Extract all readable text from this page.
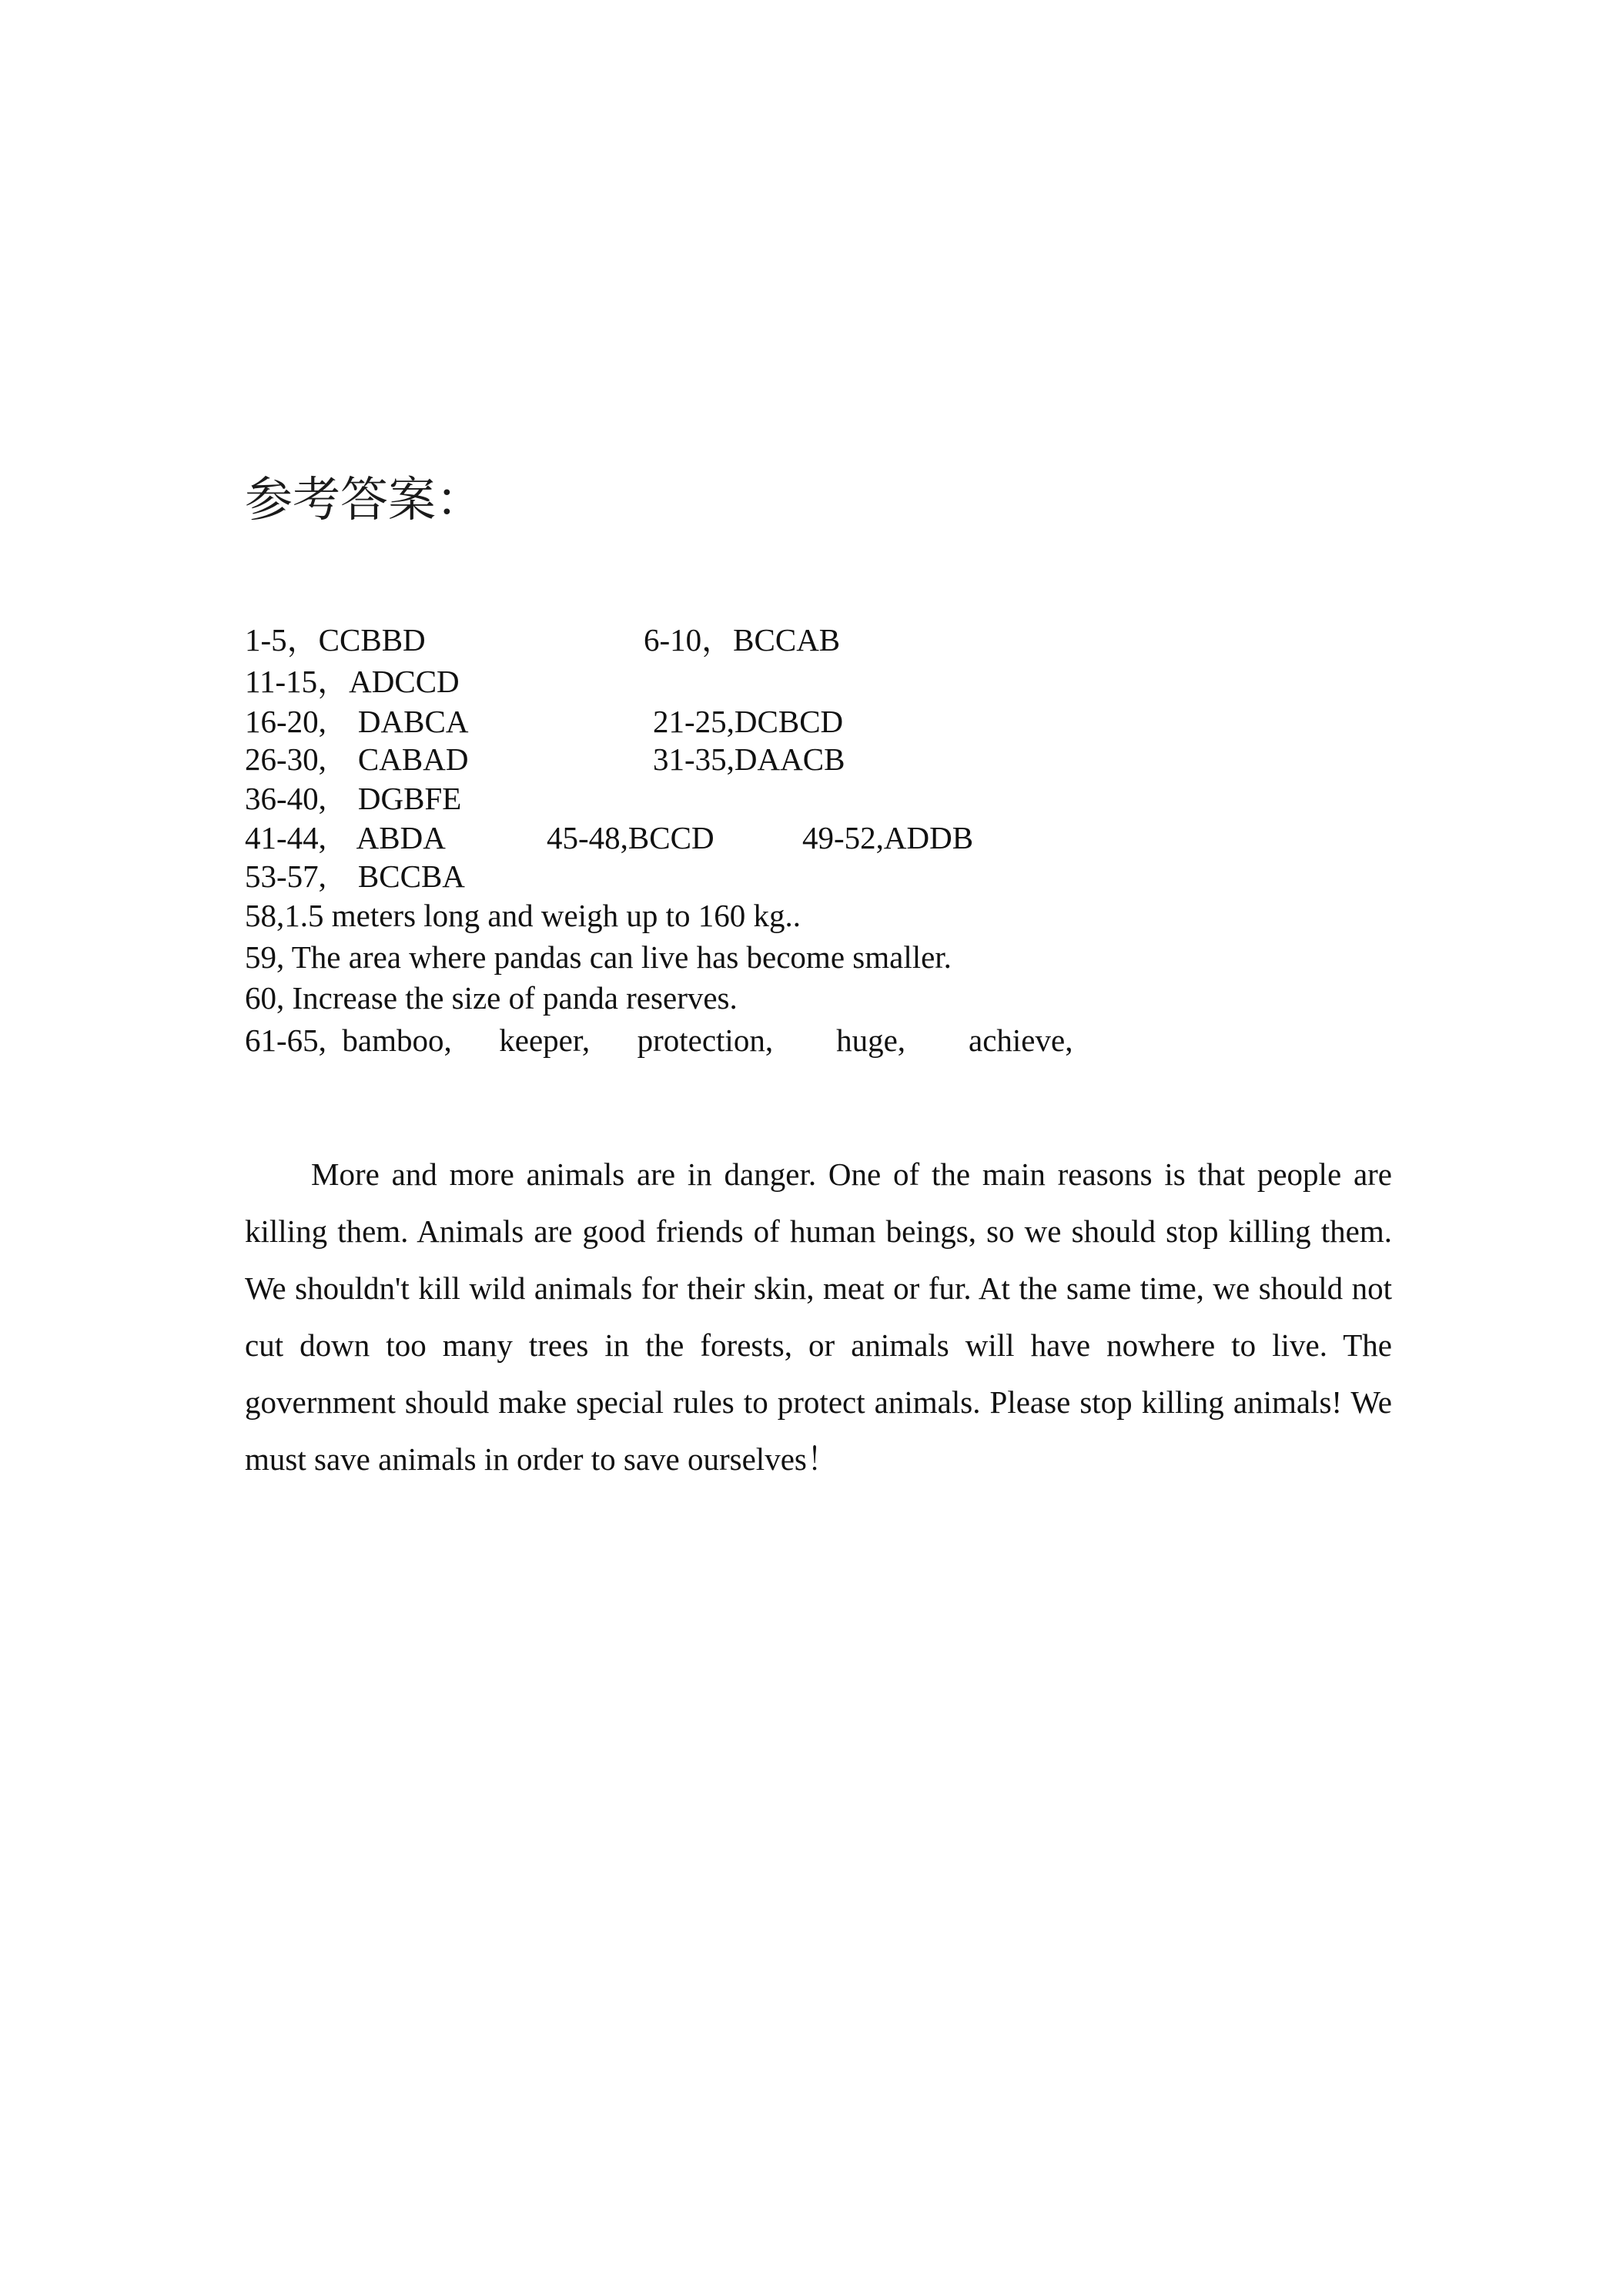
参考答案：
1-5，CCBBD	6-10，BCCAB
11-15，ADCCD
16-20,    DABCA	21-25,DCBCD
26-30,    CABAD	31-35,DAACB
36-40,    DGBFE
41-44,    ABDA	45-48,BCCD	49-52,ADDB
53-57,    BCCBA
58,1.5 meters long and weigh up to 160 kg..
59, The area where pandas can live has become smaller.
60, Increase the size of panda reserves.
61-65,  bamboo,      keeper,      protection,        huge,        achieve,

More and more animals are in danger. One of the main reasons is that people are killing them. Animals are good friends of human beings, so we should stop killing them. We shouldn't kill wild animals for their skin, meat or fur. At the same time, we should not cut down too many trees in the forests, or animals will have nowhere to live. The government should make special rules to protect animals. Please stop killing animals! We must save animals in order to save ourselves！
